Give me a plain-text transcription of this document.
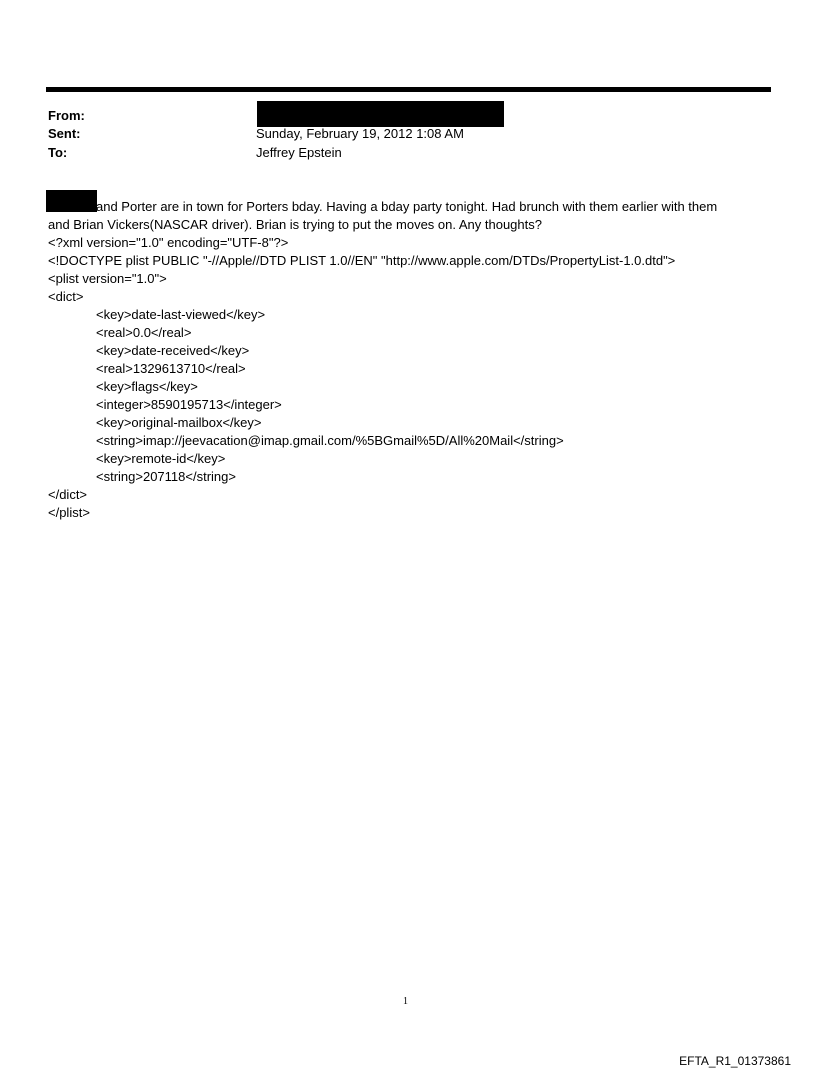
From:
Sent:	Sunday, February 19, 2012 1:08 AM
To:	Jeffrey Epstein
and Porter are in town for Porters bday. Having a bday party tonight. Had brunch with them earlier with them
and Brian Vickers(NASCAR driver). Brian is trying to put the moves on. Any thoughts?
<?xml version="1.0" encoding="UTF-8"?>
<!DOCTYPE plist PUBLIC "-//Apple//DTD PLIST 1.0//EN" "http://www.apple.com/DTDs/PropertyList-1.0.dtd">
<plist version="1.0">
<dict>
<key>date-last-viewed</key>
<real>0.0</real>
<key>date-received</key>
<real>1329613710</real>
<key>flags</key>
<integer>8590195713</integer>
<key>original-mailbox</key>
<string>imap://jeevacation@imap.gmail.com/%5BGmail%5D/All%20Mail</string>
<key>remote-id</key>
<string>207118</string>
</dict>
</plist>
1
EFTA_R1_01373861
